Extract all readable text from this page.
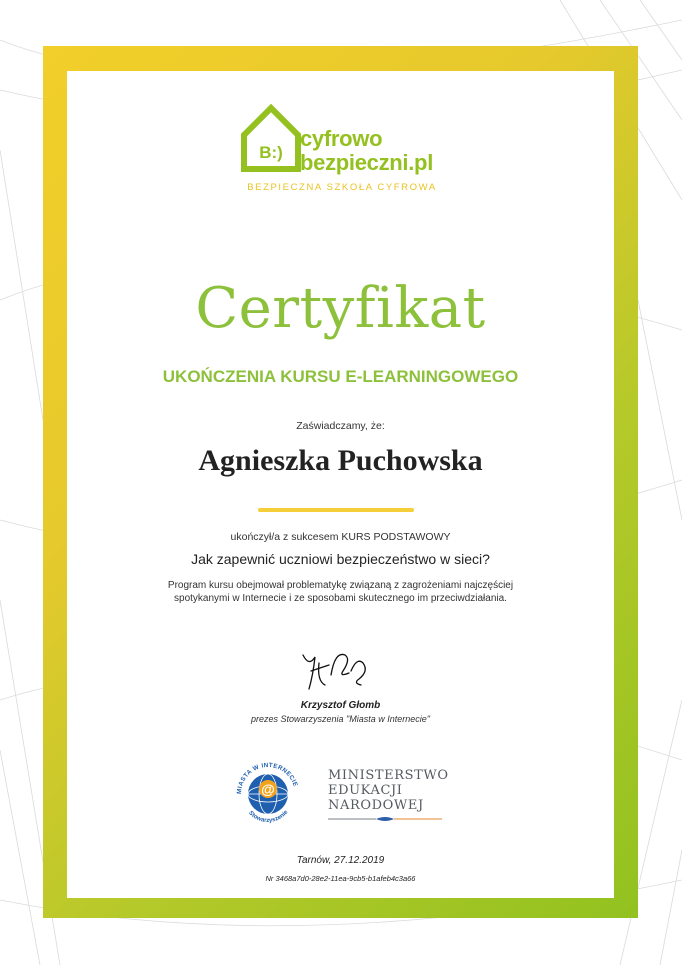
B:)
cyfrowo
bezpieczni.pl
BEZPIECZNA SZKOŁA CYFROWA
Certyfikat
UKOŃCZENIA KURSU E-LEARNINGOWEGO
Zaświadczamy, że:
Agnieszka Puchowska
ukończył/a z sukcesem KURS PODSTAWOWY
Jak zapewnić uczniowi bezpieczeństwo w sieci?
Program kursu obejmował problematykę związaną z zagrożeniami najczęściej
spotykanymi w Internecie i ze sposobami skutecznego im przeciwdziałania.
Krzysztof Głomb
prezes Stowarzyszenia "Miasta w Internecie"
@
MIASTA W INTERNECIE
Stowarzyszenie
MINISTERSTWO
EDUKACJI
NARODOWEJ
Tarnów, 27.12.2019
Nr 3468a7d0-28e2-11ea-9cb5-b1afeb4c3a66
